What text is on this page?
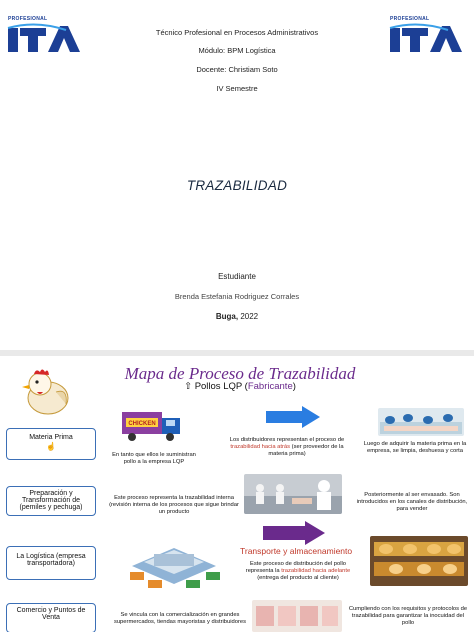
PROFESIONAL	PROFESIONAL
Técnico Profesional en Procesos Administrativos
Módulo: BPM Logística
Docente: Christiam Soto
IV Semestre
TRAZABILIDAD
Estudiante
Brenda Estefania Rodriguez Corrales
Buga, 2022
Mapa de Proceso de Trazabilidad
⇧ Pollos LQP (Fabricante)
Materia Prima
☝
Preparación y Transformación de (pemiles y pechuga)
La Logística (empresa transportadora)
Comercio y Puntos de Venta
CHICKEN
En tanto que ellos le suministran pollo a la empresa LQP
Los distribuidores representan el proceso de trazabilidad hacia atrás (ser proveedor de la materia prima)
Luego de adquirir la materia prima en la empresa, se limpia, deshuesa y corta
Este proceso representa la trazabilidad interna (revisión interna de los procesos que sigue brindar un producto
Posteriormente al ser envasado. Son introducidos en los canales de distribución, para vender
Transporte y almacenamiento
Este proceso de distribución del pollo representa la trazabilidad hacia adelante (entrega del producto al cliente)
Se vincula con la comercialización en grandes supermercados, tiendas mayoristas y distribuidores
Cumpliendo con los requisitos y protocolos de trazabilidad para garantizar la inocuidad del pollo
